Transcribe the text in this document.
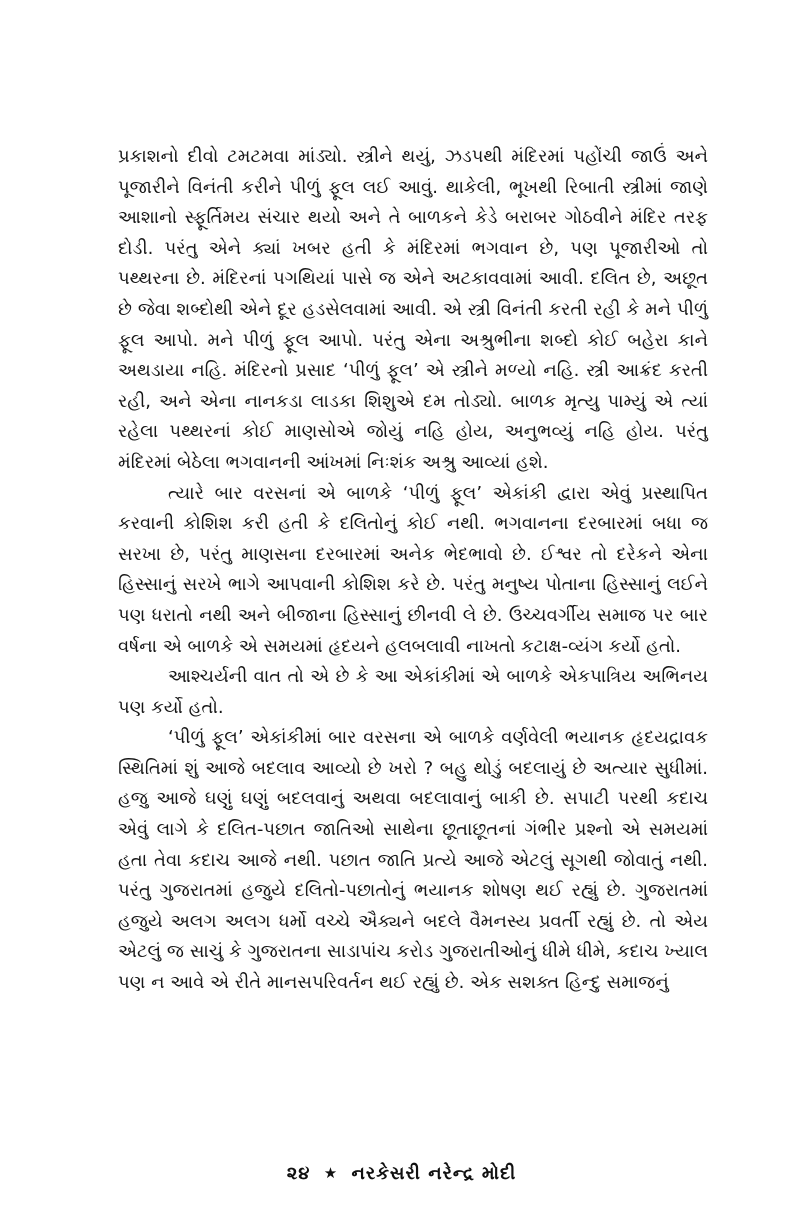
પ્રકાશનો દીવો ટમટમવા માંડ્યો. સ્ત્રીને થયું, ઝડપથી મંદિરમાં પહોંચી જાઉં અને પૂજારીને વિનંતી કરીને પીળું ફૂલ લઈ આવું. થાકેલી, ભૂખથી રિબાતી સ્ત્રીમાં જાણે આશાનો સ્ફૂર્તિમય સંચાર થયો અને તે બાળકને કેડે બરાબર ગોઠવીને મંદિર તરફ દોડી. પરંતુ એને ક્યાં ખબર હતી કે મંદિરમાં ભગવાન છે, પણ પૂજારીઓ તો પથ્થરના છે. મંદિરનાં પગથિયાં પાસે જ એને અટકાવવામાં આવી. દલિત છે, અછૂત છે જેવા શબ્દોથી એને દૂર હડસેલવામાં આવી. એ સ્ત્રી વિનંતી કરતી રહી કે મને પીળું ફૂલ આપો. મને પીળું ફૂલ આપો. પરંતુ એના અશ્રુભીના શબ્દો કોઈ બહેરા કાને અથડાયા નહિ. મંદિરનો પ્રસાદ ‘પીળું ફૂલ’ એ સ્ત્રીને મળ્યો નહિ. સ્ત્રી આક્રંદ કરતી રહી, અને એના નાનકડા લાડકા શિશુએ દમ તોડ્યો. બાળક મૃત્યુ પામ્યું એ ત્યાં રહેલા પથ્થરનાં કોઈ માણસોએ જોયું નહિ હોય, અનુભવ્યું નહિ હોય. પરંતુ મંદિરમાં બેઠેલા ભગવાનની આંખમાં નિઃશંક અશ્રુ આવ્યાં હશે.

ત્યારે બાર વરસનાં એ બાળકે ‘પીળું ફૂલ’ એકાંકી દ્વારા એવું પ્રસ્થાપિત કરવાની કોશિશ કરી હતી કે દલિતોનું કોઈ નથી. ભગવાનના દરબારમાં બધા જ સરખા છે, પરંતુ માણસના દરબારમાં અનેક ભેદભાવો છે. ઈશ્વર તો દરેકને એના હિસ્સાનું સરખે ભાગે આપવાની કોશિશ કરે છે. પરંતુ મનુષ્ય પોતાના હિસ્સાનું લઈને પણ ધરાતો નથી અને બીજાના હિસ્સાનું છીનવી લે છે. ઉચ્ચવર્ગીય સમાજ પર બાર વર્ષના એ બાળકે એ સમયમાં હૃદયને હલબલાવી નાખતો કટાક્ષ-વ્યંગ કર્યો હતો.

આશ્ચર્યની વાત તો એ છે કે આ એકાંકીમાં એ બાળકે એકપાત્રિય અભિનય પણ કર્યો હતો.

‘પીળું ફૂલ’ એકાંકીમાં બાર વરસના એ બાળકે વર્ણવેલી ભયાનક હૃદયદ્રાવક સ્થિતિમાં શું આજે બદલાવ આવ્યો છે ખરો ? બહુ થોડું બદલાયું છે અત્યાર સુધીમાં. હજુ આજે ઘણું ઘણું બદલવાનું અથવા બદલાવાનું બાકી છે. સપાટી પરથી કદાચ એવું લાગે કે દલિત-પછાત જાતિઓ સાથેના છૂતાછૂતનાં ગંભીર પ્રશ્નો એ સમયમાં હતા તેવા કદાચ આજે નથી. પછાત જાતિ પ્રત્યે આજે એટલું સૂગથી જોવાતું નથી. પરંતુ ગુજરાતમાં હજુયે દલિતો-પછાતોનું ભયાનક શોષણ થઈ રહ્યું છે. ગુજરાતમાં હજુયે અલગ અલગ ધર્મો વચ્ચે ઐક્યને બદલે વૈમનસ્ય પ્રવર્તી રહ્યું છે. તો એય એટલું જ સાચું કે ગુજરાતના સાડાપાંચ કરોડ ગુજરાતીઓનું ધીમે ધીમે, કદાચ ખ્યાલ પણ ન આવે એ રીતે માનસપરિવર્તન થઈ રહ્યું છે. એક સશક્ત હિન્દુ સમાજનું

૨૪ ★ નરકેસરી નરેન્દ્ર મોદી
